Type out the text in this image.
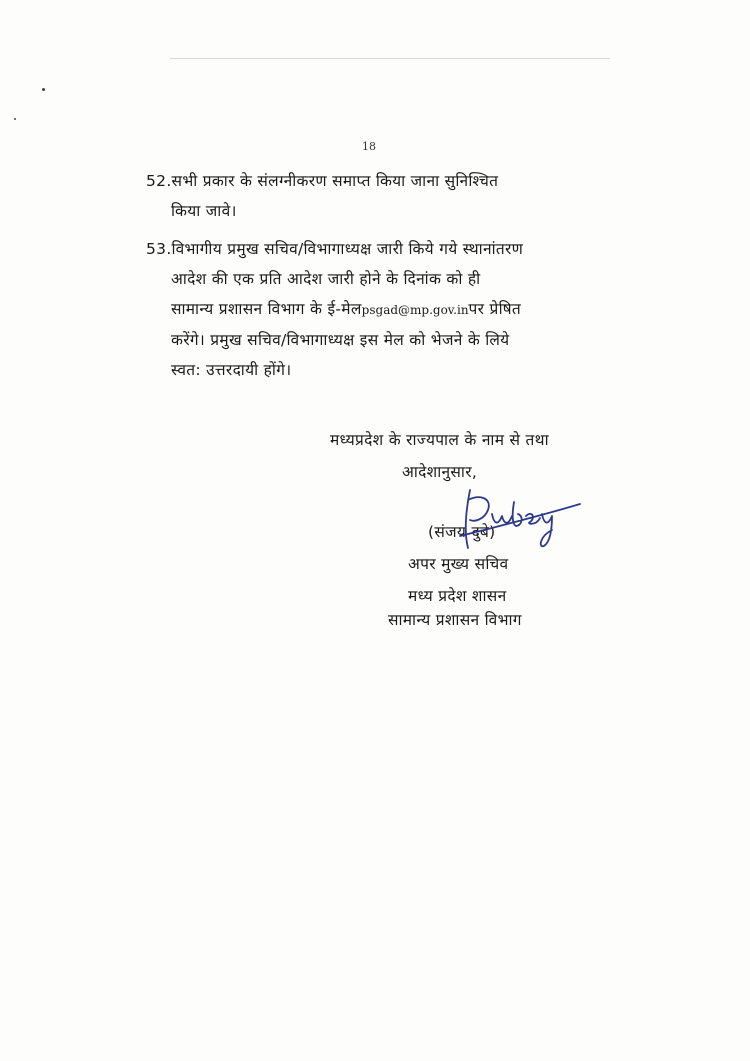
18
52.सभी प्रकार के संलग्नीकरण समाप्त किया जाना सुनिश्चित
किया जावे।
53.विभागीय प्रमुख सचिव/विभागाध्यक्ष जारी किये गये स्थानांतरण
आदेश की एक प्रति आदेश जारी होने के दिनांक को ही
सामान्य प्रशासन विभाग के ई-मेलpsgad@mp.gov.inपर प्रेषित
करेंगे। प्रमुख सचिव/विभागाध्यक्ष इस मेल को भेजने के लिये
स्वत: उत्तरदायी होंगे।
मध्यप्रदेश के राज्यपाल के नाम से तथा
आदेशानुसार,
(संजय दुबे)
अपर मुख्य सचिव
मध्य प्रदेश शासन
सामान्य प्रशासन विभाग
